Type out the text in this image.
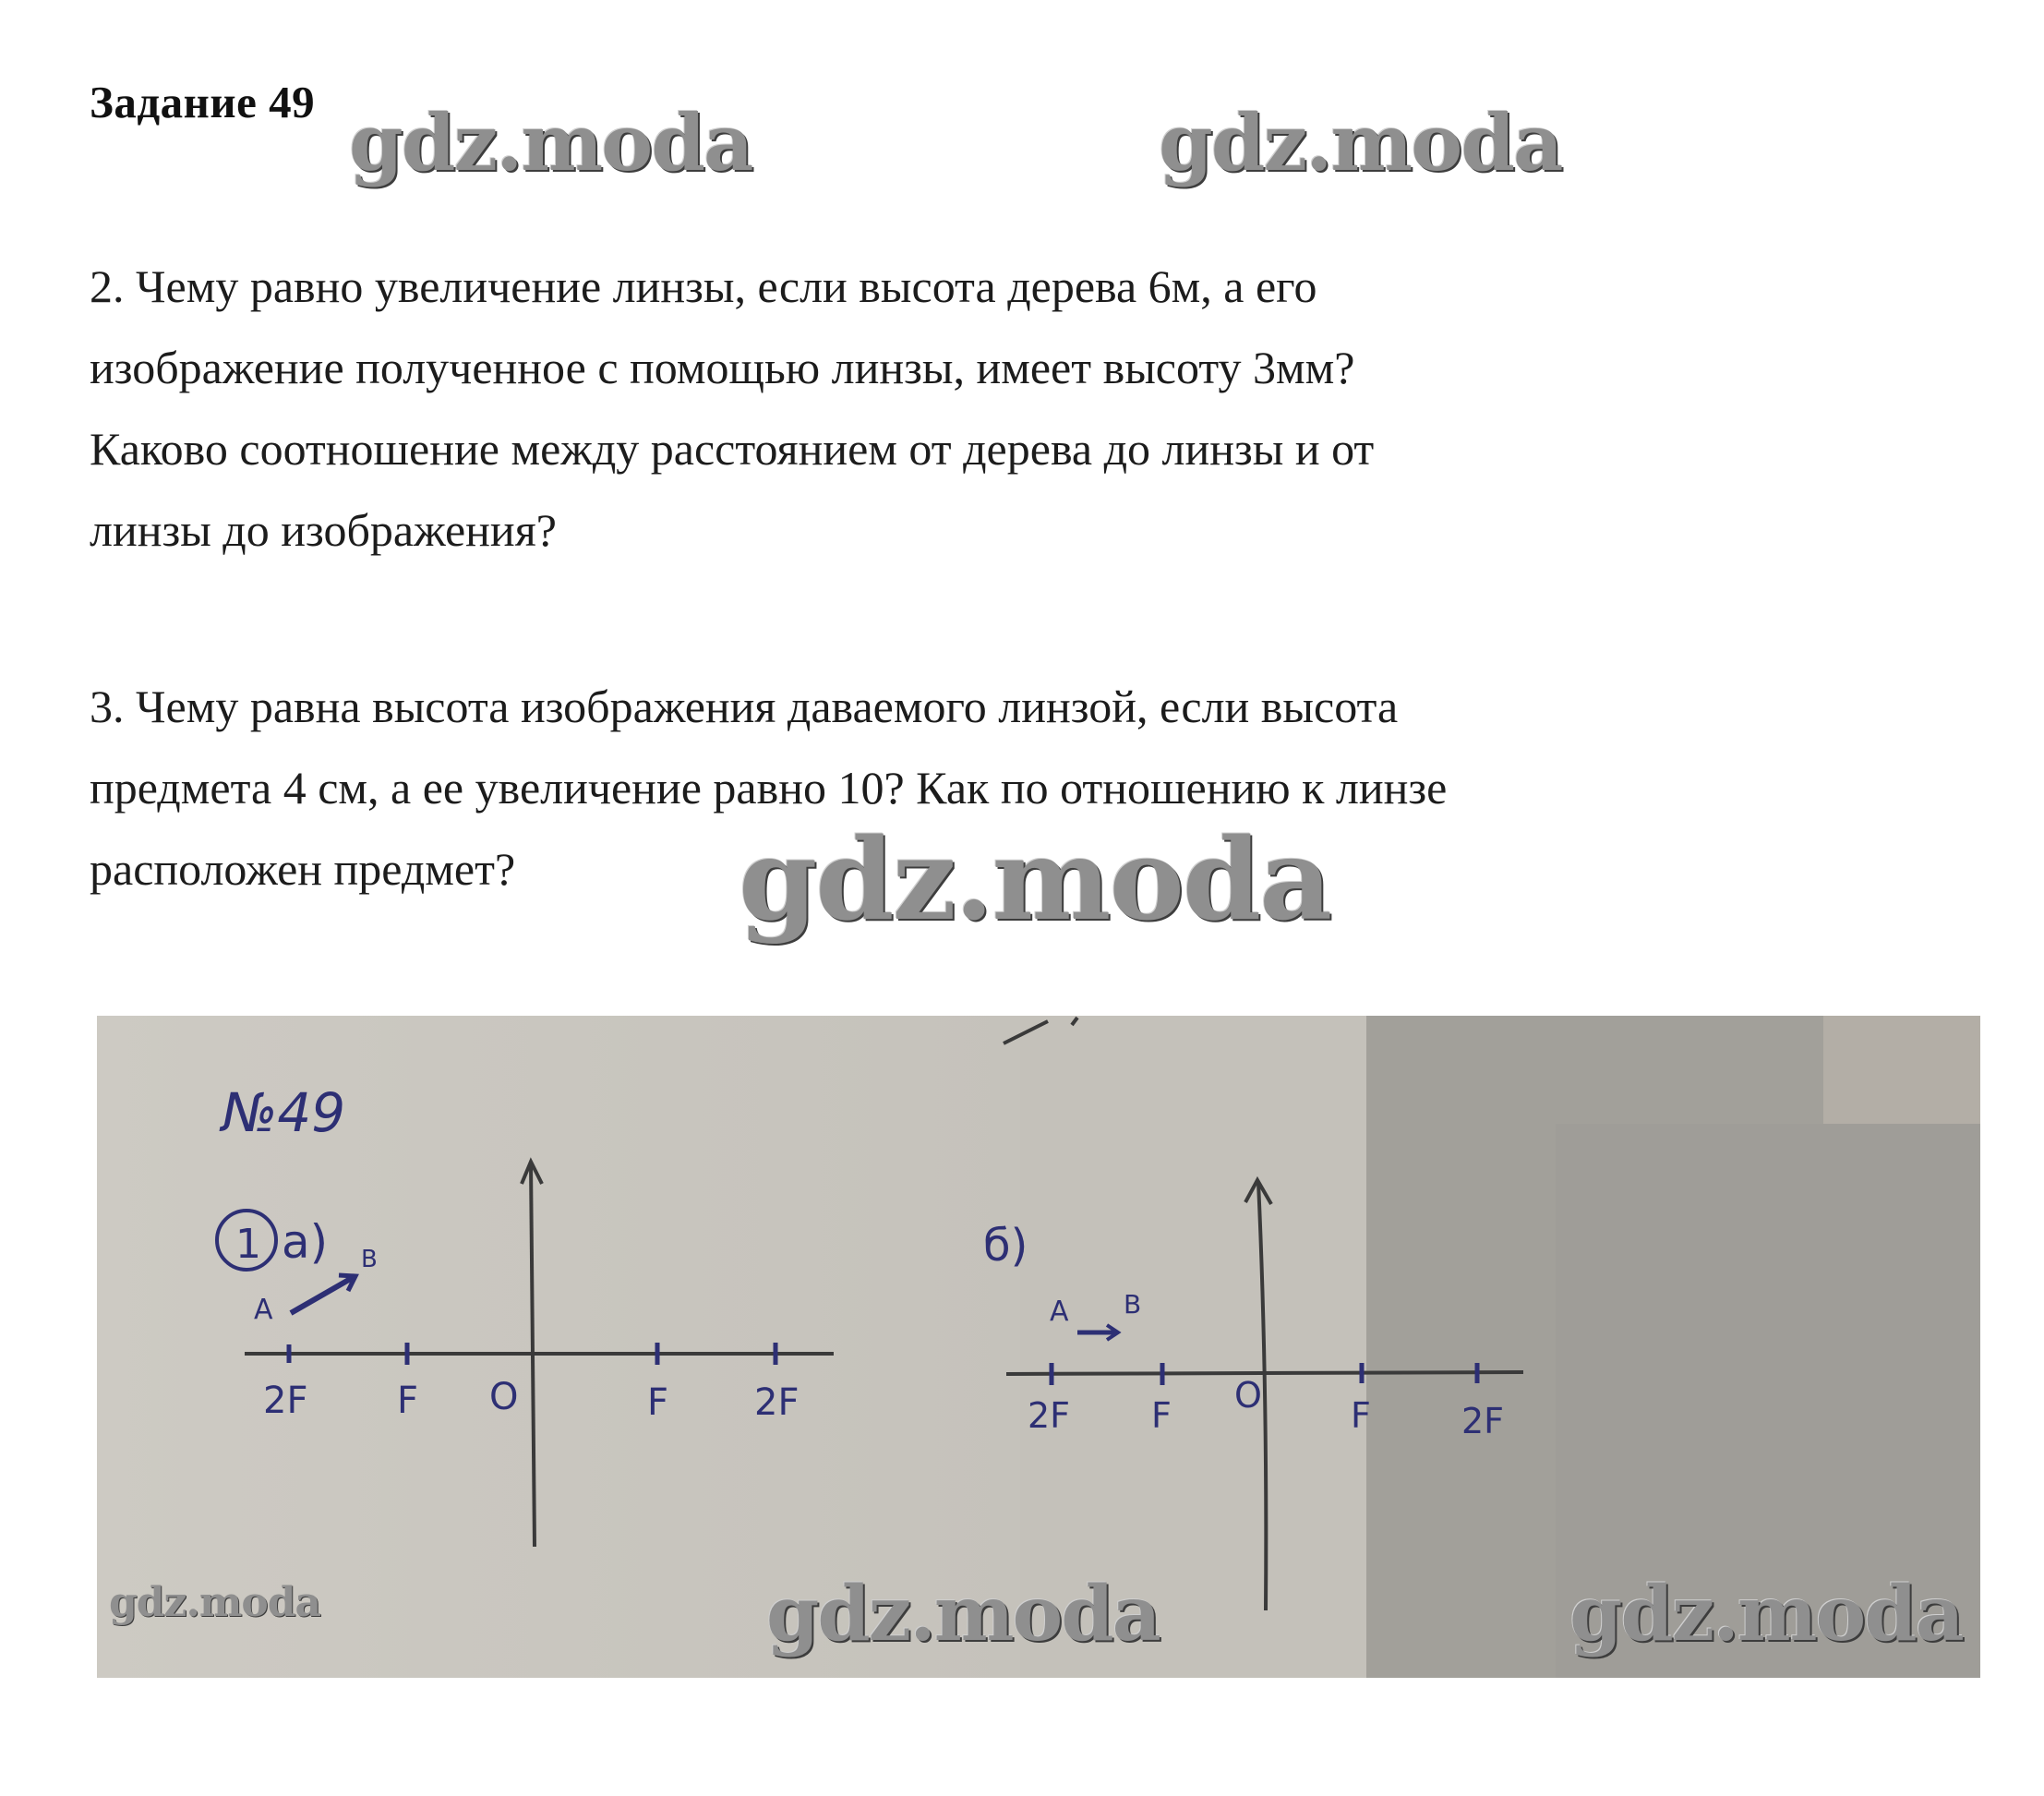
Задание 49 gdz.moda	gdz.moda

2. Чему равно увеличение линзы, если высота дерева 6м, а его

изображение полученное с помощью линзы, имеет высоту 3мм?

Каково соотношение между расстоянием от дерева до линзы и от

линзы до изображения?

3. Чему равна высота изображения даваемого линзой, если высота

предмета 4 см, а ее увеличение равно 10? Как по отношению к линзе

расположен предмет?	gdz.moda
№49
1 а) B
A
2F F O	F 2F
б)
A B
2F F O	F	2F
gdz.moda	gdz.moda	gdz.moda
